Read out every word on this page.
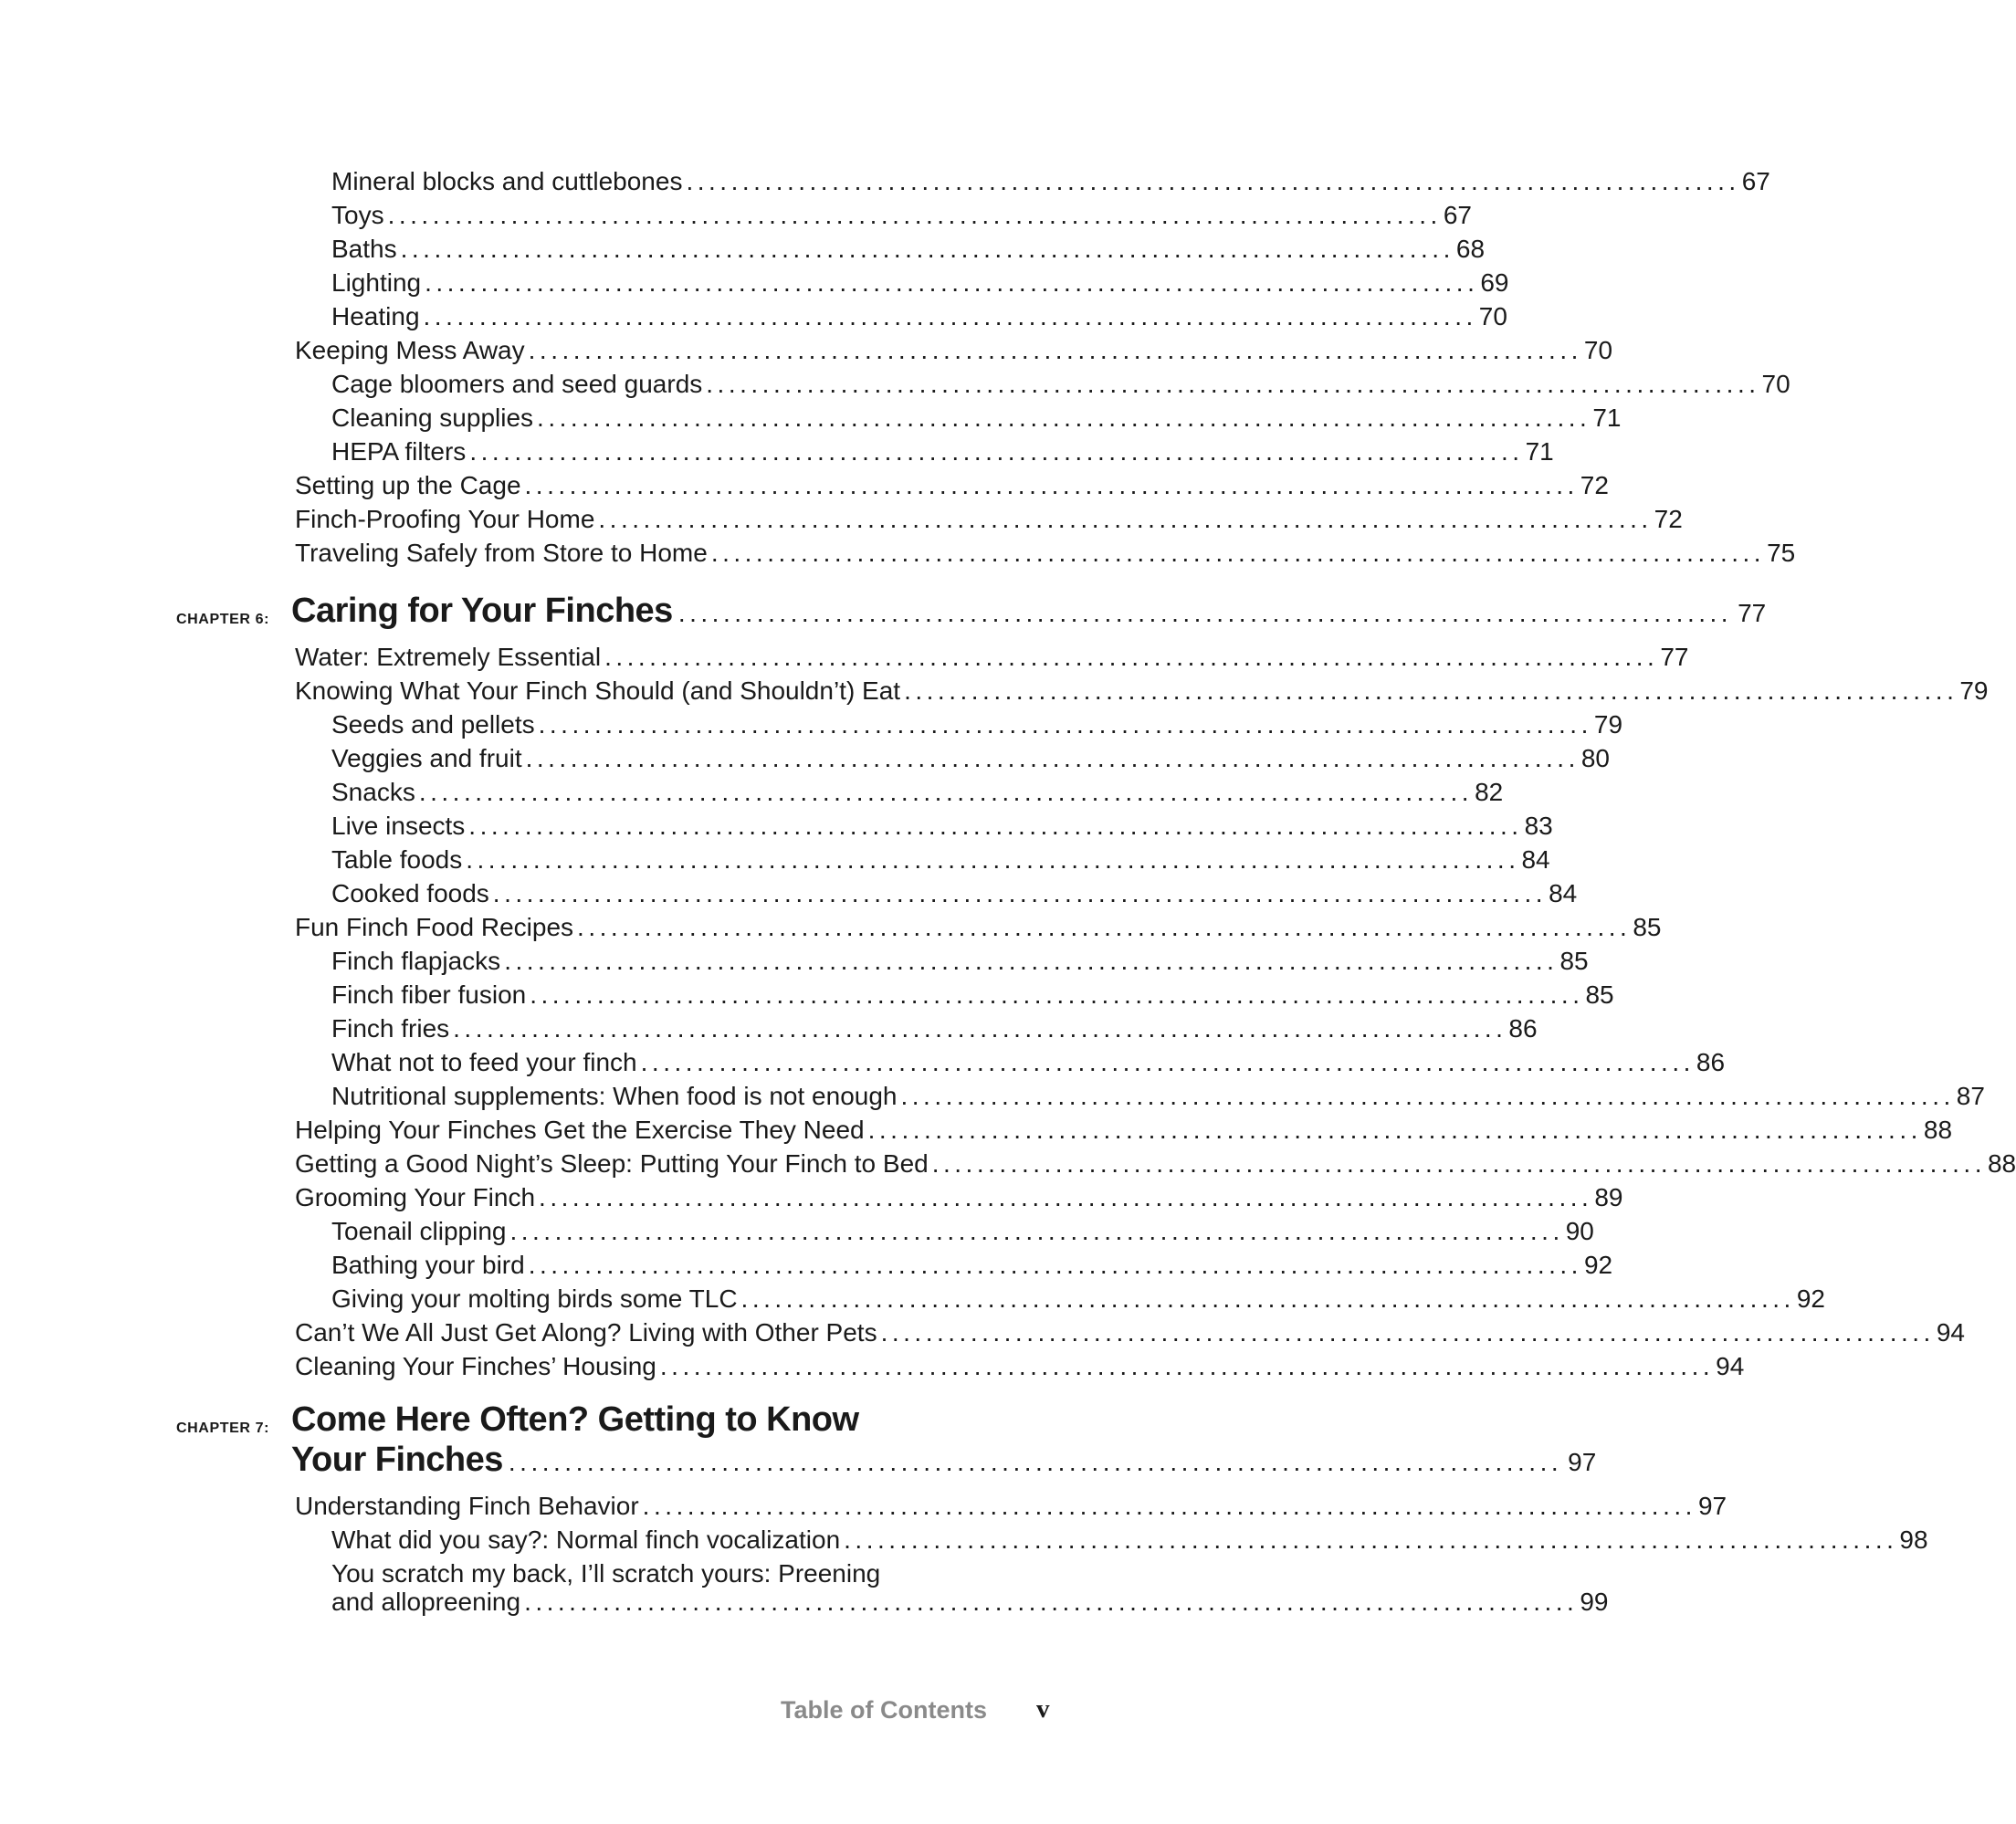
Mineral blocks and cuttlebones .............................................................................................. 67
Toys .............................................................................................. 67
Baths .............................................................................................. 68
Lighting .............................................................................................. 69
Heating .............................................................................................. 70
Keeping Mess Away .............................................................................................. 70
Cage bloomers and seed guards .............................................................................................. 70
Cleaning supplies .............................................................................................. 71
HEPA filters .............................................................................................. 71
Setting up the Cage .............................................................................................. 72
Finch-Proofing Your Home .............................................................................................. 72
Traveling Safely from Store to Home .............................................................................................. 75
CHAPTER 6: Caring for Your Finches .............................................................................................. 77
Water: Extremely Essential .............................................................................................. 77
Knowing What Your Finch Should (and Shouldn’t) Eat .............................................................................................. 79
Seeds and pellets .............................................................................................. 79
Veggies and fruit .............................................................................................. 80
Snacks .............................................................................................. 82
Live insects .............................................................................................. 83
Table foods .............................................................................................. 84
Cooked foods .............................................................................................. 84
Fun Finch Food Recipes .............................................................................................. 85
Finch flapjacks .............................................................................................. 85
Finch fiber fusion .............................................................................................. 85
Finch fries .............................................................................................. 86
What not to feed your finch .............................................................................................. 86
Nutritional supplements: When food is not enough .............................................................................................. 87
Helping Your Finches Get the Exercise They Need .............................................................................................. 88
Getting a Good Night’s Sleep: Putting Your Finch to Bed .............................................................................................. 88
Grooming Your Finch .............................................................................................. 89
Toenail clipping .............................................................................................. 90
Bathing your bird .............................................................................................. 92
Giving your molting birds some TLC .............................................................................................. 92
Can’t We All Just Get Along? Living with Other Pets .............................................................................................. 94
Cleaning Your Finches’ Housing .............................................................................................. 94
CHAPTER 7: Come Here Often? Getting to Know
Your Finches .............................................................................................. 97
Understanding Finch Behavior .............................................................................................. 97
What did you say?: Normal finch vocalization .............................................................................................. 98
You scratch my back, I’ll scratch yours: Preening
and allopreening .............................................................................................. 99
Table of Contents v
